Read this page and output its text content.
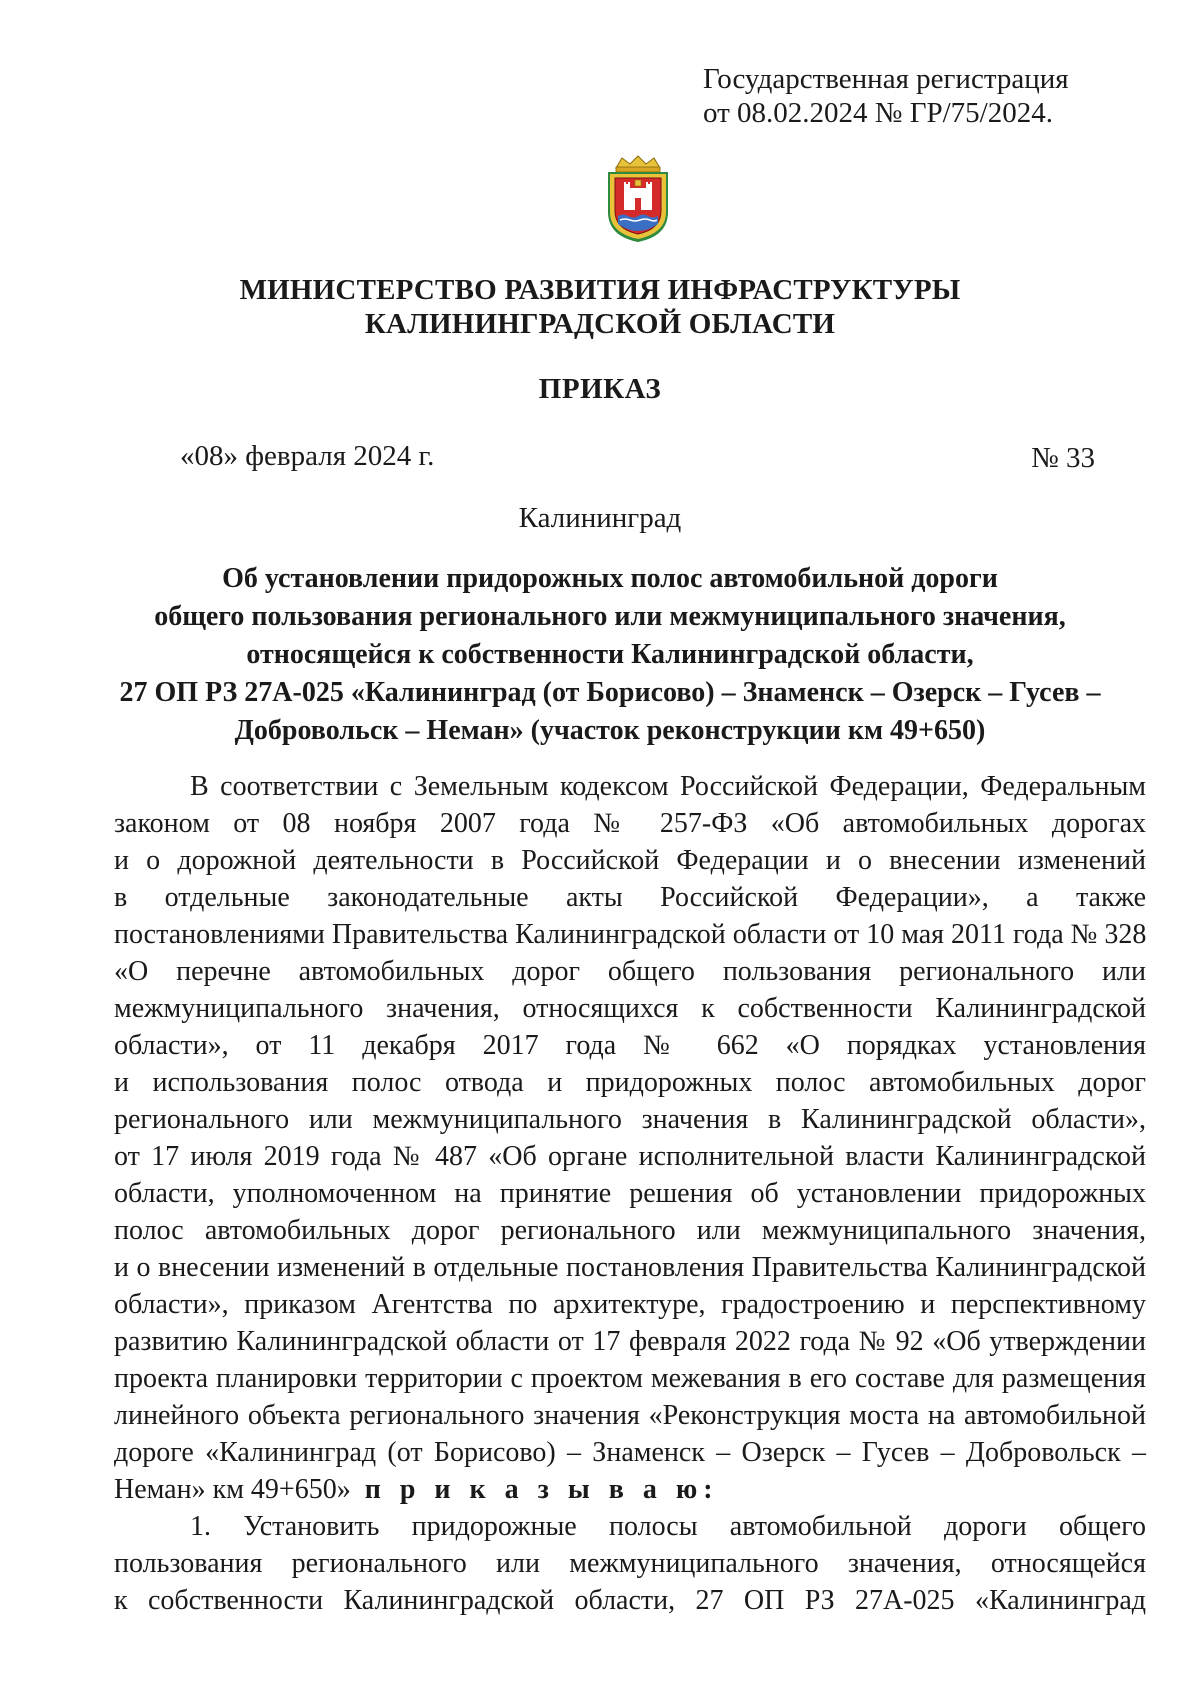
Государственная регистрация
от 08.02.2024 № ГР/75/2024.
МИНИСТЕРСТВО РАЗВИТИЯ ИНФРАСТРУКТУРЫ
КАЛИНИНГРАДСКОЙ ОБЛАСТИ
ПРИКАЗ
«08» февраля 2024 г.	№ 33
Калининград
Об установлении придорожных полос автомобильной дороги
общего пользования регионального или межмуниципального значения,
относящейся к собственности Калининградской области,
27 ОП РЗ 27А-025 «Калининград (от Борисово) – Знаменск – Озерск – Гусев –
Добровольск – Неман» (участок реконструкции км 49+650)
В соответствии с Земельным кодексом Российской Федерации, Федеральным
законом от 08 ноября 2007 года № 257-ФЗ «Об автомобильных дорогах
и о дорожной деятельности в Российской Федерации и о внесении изменений
в отдельные законодательные акты Российской Федерации», а также
постановлениями Правительства Калининградской области от 10 мая 2011 года № 328
«О перечне автомобильных дорог общего пользования регионального или
межмуниципального значения, относящихся к собственности Калининградской
области», от 11 декабря 2017 года № 662 «О порядках установления
и использования полос отвода и придорожных полос автомобильных дорог
регионального или межмуниципального значения в Калининградской области»,
от 17 июля 2019 года № 487 «Об органе исполнительной власти Калининградской
области, уполномоченном на принятие решения об установлении придорожных
полос автомобильных дорог регионального или межмуниципального значения,
и о внесении изменений в отдельные постановления Правительства Калининградской
области», приказом Агентства по архитектуре, градостроению и перспективному
развитию Калининградской области от 17 февраля 2022 года № 92 «Об утверждении
проекта планировки территории с проектом межевания в его составе для размещения
линейного объекта регионального значения «Реконструкция моста на автомобильной
дороге «Калининград (от Борисово) – Знаменск – Озерск – Гусев – Добровольск –
Неман» км 49+650» п р и к а з ы в а ю:
1. Установить придорожные полосы автомобильной дороги общего
пользования регионального или межмуниципального значения, относящейся
к собственности Калининградской области, 27 ОП РЗ 27А-025 «Калининград
